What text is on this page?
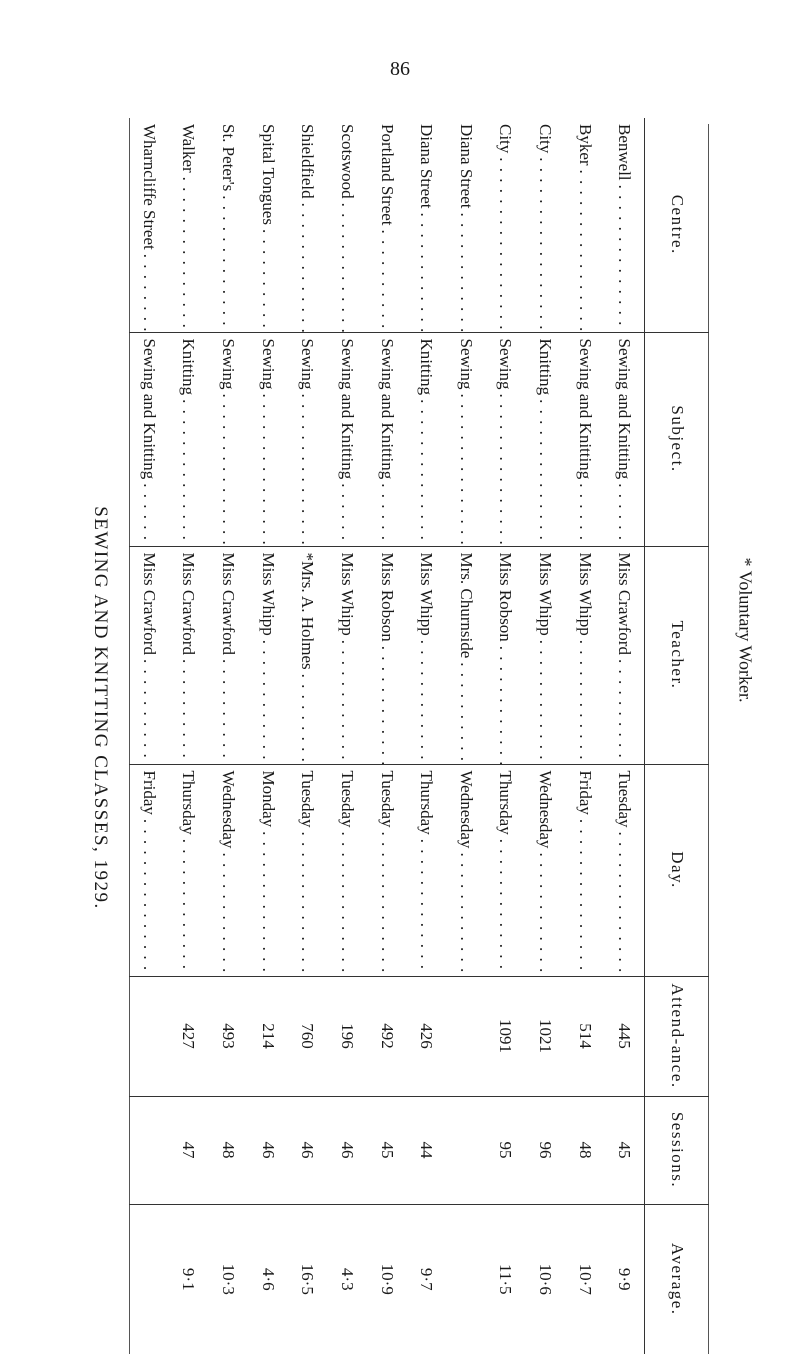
86
SEWING AND KNITTING CLASSES, 1929.
Centre.	Subject.	Teacher.	Day.	Attend-ance.	Sessions.	Average.
Benwell . . .	Sewing and Knitting . . .	Miss Crawford . . .	Tuesday . . .	445	45	9·9
Byker . . .	Sewing and Knitting . . .	Miss Whipp . . .	Friday . . .	514	48	10·7
City . . .	Knitting . . .	Miss Whipp . . .	Wednesday . . .	1021	96	10·6
City . . .	Sewing . . .	Miss Robson . . .	Thursday . . .	1091	95	11·5
Diana Street . . .	Sewing . . .	Mrs. Churnside . . .	Wednesday . . .			
Diana Street . . .	Knitting . . .	Miss Whipp . . .	Thursday . . .	426	44	9·7
Portland Street . . .	Sewing and Knitting . . .	Miss Robson . . .	Tuesday . . .	492	45	10·9
Scotswood . . .	Sewing and Knitting . . .	Miss Whipp . . .	Tuesday . . .	196	46	4·3
Shieldfield . . .	Sewing . . .	*Mrs. A. Holmes . . .	Tuesday . . .	760	46	16·5
Spital Tongues . . .	Sewing . . .	Miss Whipp . . .	Monday . . .	214	46	4·6
St. Peter's . . .	Sewing . . .	Miss Crawford . . .	Wednesday . . .	493	48	10·3
Walker . . .	Knitting . . .	Miss Crawford . . .	Thursday . . .	427	47	9·1
Wharncliffe Street . . .	Sewing and Knitting . . .	Miss Crawford . . .	Friday . . .			
* Voluntary Worker.
